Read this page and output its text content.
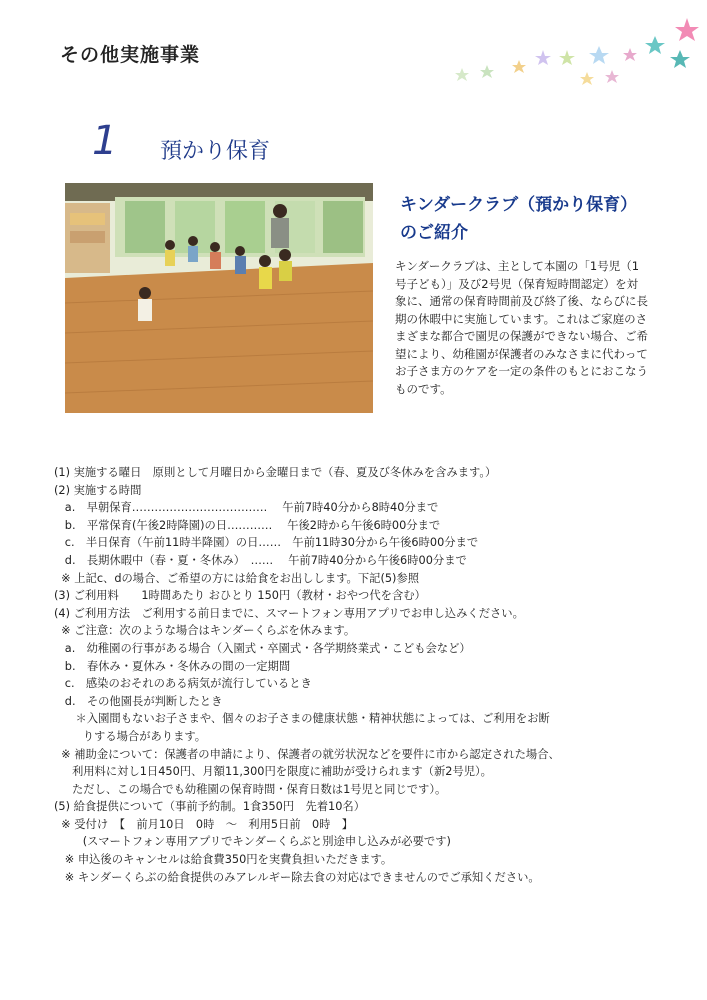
その他実施事業
1 預かり保育
キンダークラブ（預かり保育）
のご紹介
キンダークラブは、主として本園の「1号児（1
号子ども）」及び2号児（保育短時間認定）を対
象に、通常の保育時間前及び終了後、ならびに長
期の休暇中に実施しています。これはご家庭のさ
まざまな都合で園児の保護ができない場合、ご希
望により、幼稚園が保護者のみなさまに代わって
お子さま方のケアを一定の条件のもとにおこなう
ものです。
(1) 実施する曜日　原則として月曜日から金曜日まで（春、夏及び冬休みを含みます。）
(2) 実施する時間
a.　早朝保育………………………………　 午前7時40分から8時40分まで
b.　平常保育(午後2時降園)の日…………　 午後2時から午後6時00分まで
c.　半日保育（午前11時半降園）の日……　午前11時30分から午後6時00分まで
d.　長期休暇中（春・夏・冬休み）　……　 午前7時40分から午後6時00分まで
※ 上記c、dの場合、ご希望の方には給食をお出しします。下記(5)参照
(3) ご利用料　　1時間あたり おひとり 150円（教材・おやつ代を含む）
(4) ご利用方法　ご利用する前日までに、スマートフォン専用アプリでお申し込みください。
※ ご注意：次のような場合はキンダーくらぶを休みます。
a.　幼稚園の行事がある場合（入園式・卒園式・各学期終業式・こども会など）
b.　春休み・夏休み・冬休みの間の一定期間
c.　感染のおそれのある病気が流行しているとき
d.　その他園長が判断したとき
＊入園間もないお子さまや、個々のお子さまの健康状態・精神状態によっては、ご利用をお断
りする場合があります。
※ 補助金について：保護者の申請により、保護者の就労状況などを要件に市から認定された場合、
利用料に対し1日450円、月額11,300円を限度に補助が受けられます（新2号児）。
ただし、この場合でも幼稚園の保育時間・保育日数は1号児と同じです）。
(5) 給食提供について（事前予約制。1食350円　先着10名）
※ 受付け　【　前月10日　0時　～　利用5日前　0時　】
(スマートフォン専用アプリでキンダーくらぶと別途申し込みが必要です)
※ 申込後のキャンセルは給食費350円を実費負担いただきます。
※ キンダーくらぶの給食提供のみアレルギー除去食の対応はできませんのでご承知ください。
